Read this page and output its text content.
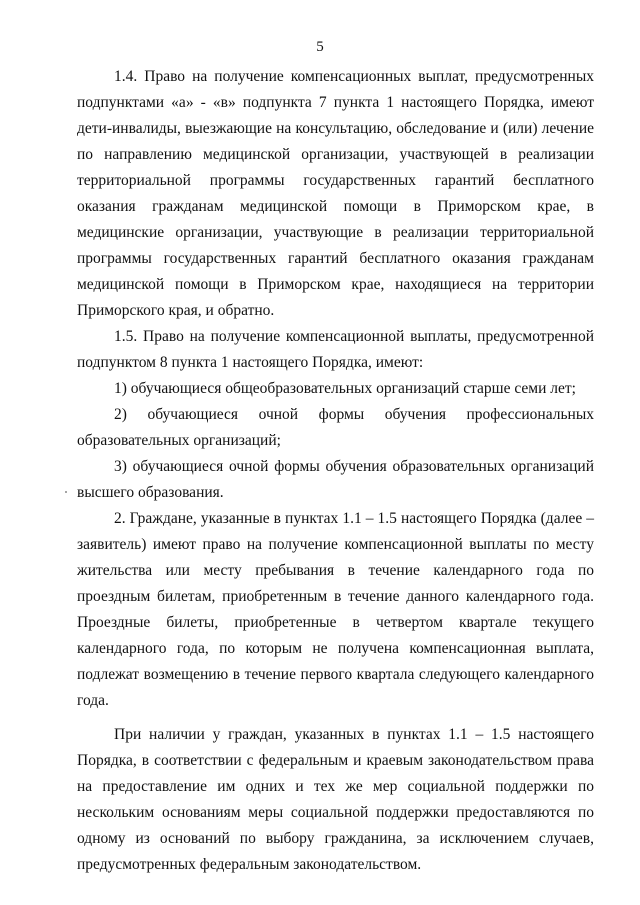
5

1.4. Право на получение компенсационных выплат, предусмотренных подпунктами «а» - «в» подпункта 7 пункта 1 настоящего Порядка, имеют дети-инвалиды, выезжающие на консультацию, обследование и (или) лечение по направлению медицинской организации, участвующей в реализации территориальной программы государственных гарантий бесплатного оказания гражданам медицинской помощи в Приморском крае, в медицинские организации, участвующие в реализации территориальной программы государственных гарантий бесплатного оказания гражданам медицинской помощи в Приморском крае, находящиеся на территории Приморского края, и обратно.

1.5. Право на получение компенсационной выплаты, предусмотренной подпунктом 8 пункта 1 настоящего Порядка, имеют:

1) обучающиеся общеобразовательных организаций старше семи лет;

2) обучающиеся очной формы обучения профессиональных образовательных организаций;

3) обучающиеся очной формы обучения образовательных организаций высшего образования.

2. Граждане, указанные в пунктах 1.1 – 1.5 настоящего Порядка (далее – заявитель) имеют право на получение компенсационной выплаты по месту жительства или месту пребывания в течение календарного года по проездным билетам, приобретенным в течение данного календарного года. Проездные билеты, приобретенные в четвертом квартале текущего календарного года, по которым не получена компенсационная выплата, подлежат возмещению в течение первого квартала следующего календарного года.

При наличии у граждан, указанных в пунктах 1.1 – 1.5 настоящего Порядка, в соответствии с федеральным и краевым законодательством права на предоставление им одних и тех же мер социальной поддержки по нескольким основаниям меры социальной поддержки предоставляются по одному из оснований по выбору гражданина, за исключением случаев, предусмотренных федеральным законодательством.
